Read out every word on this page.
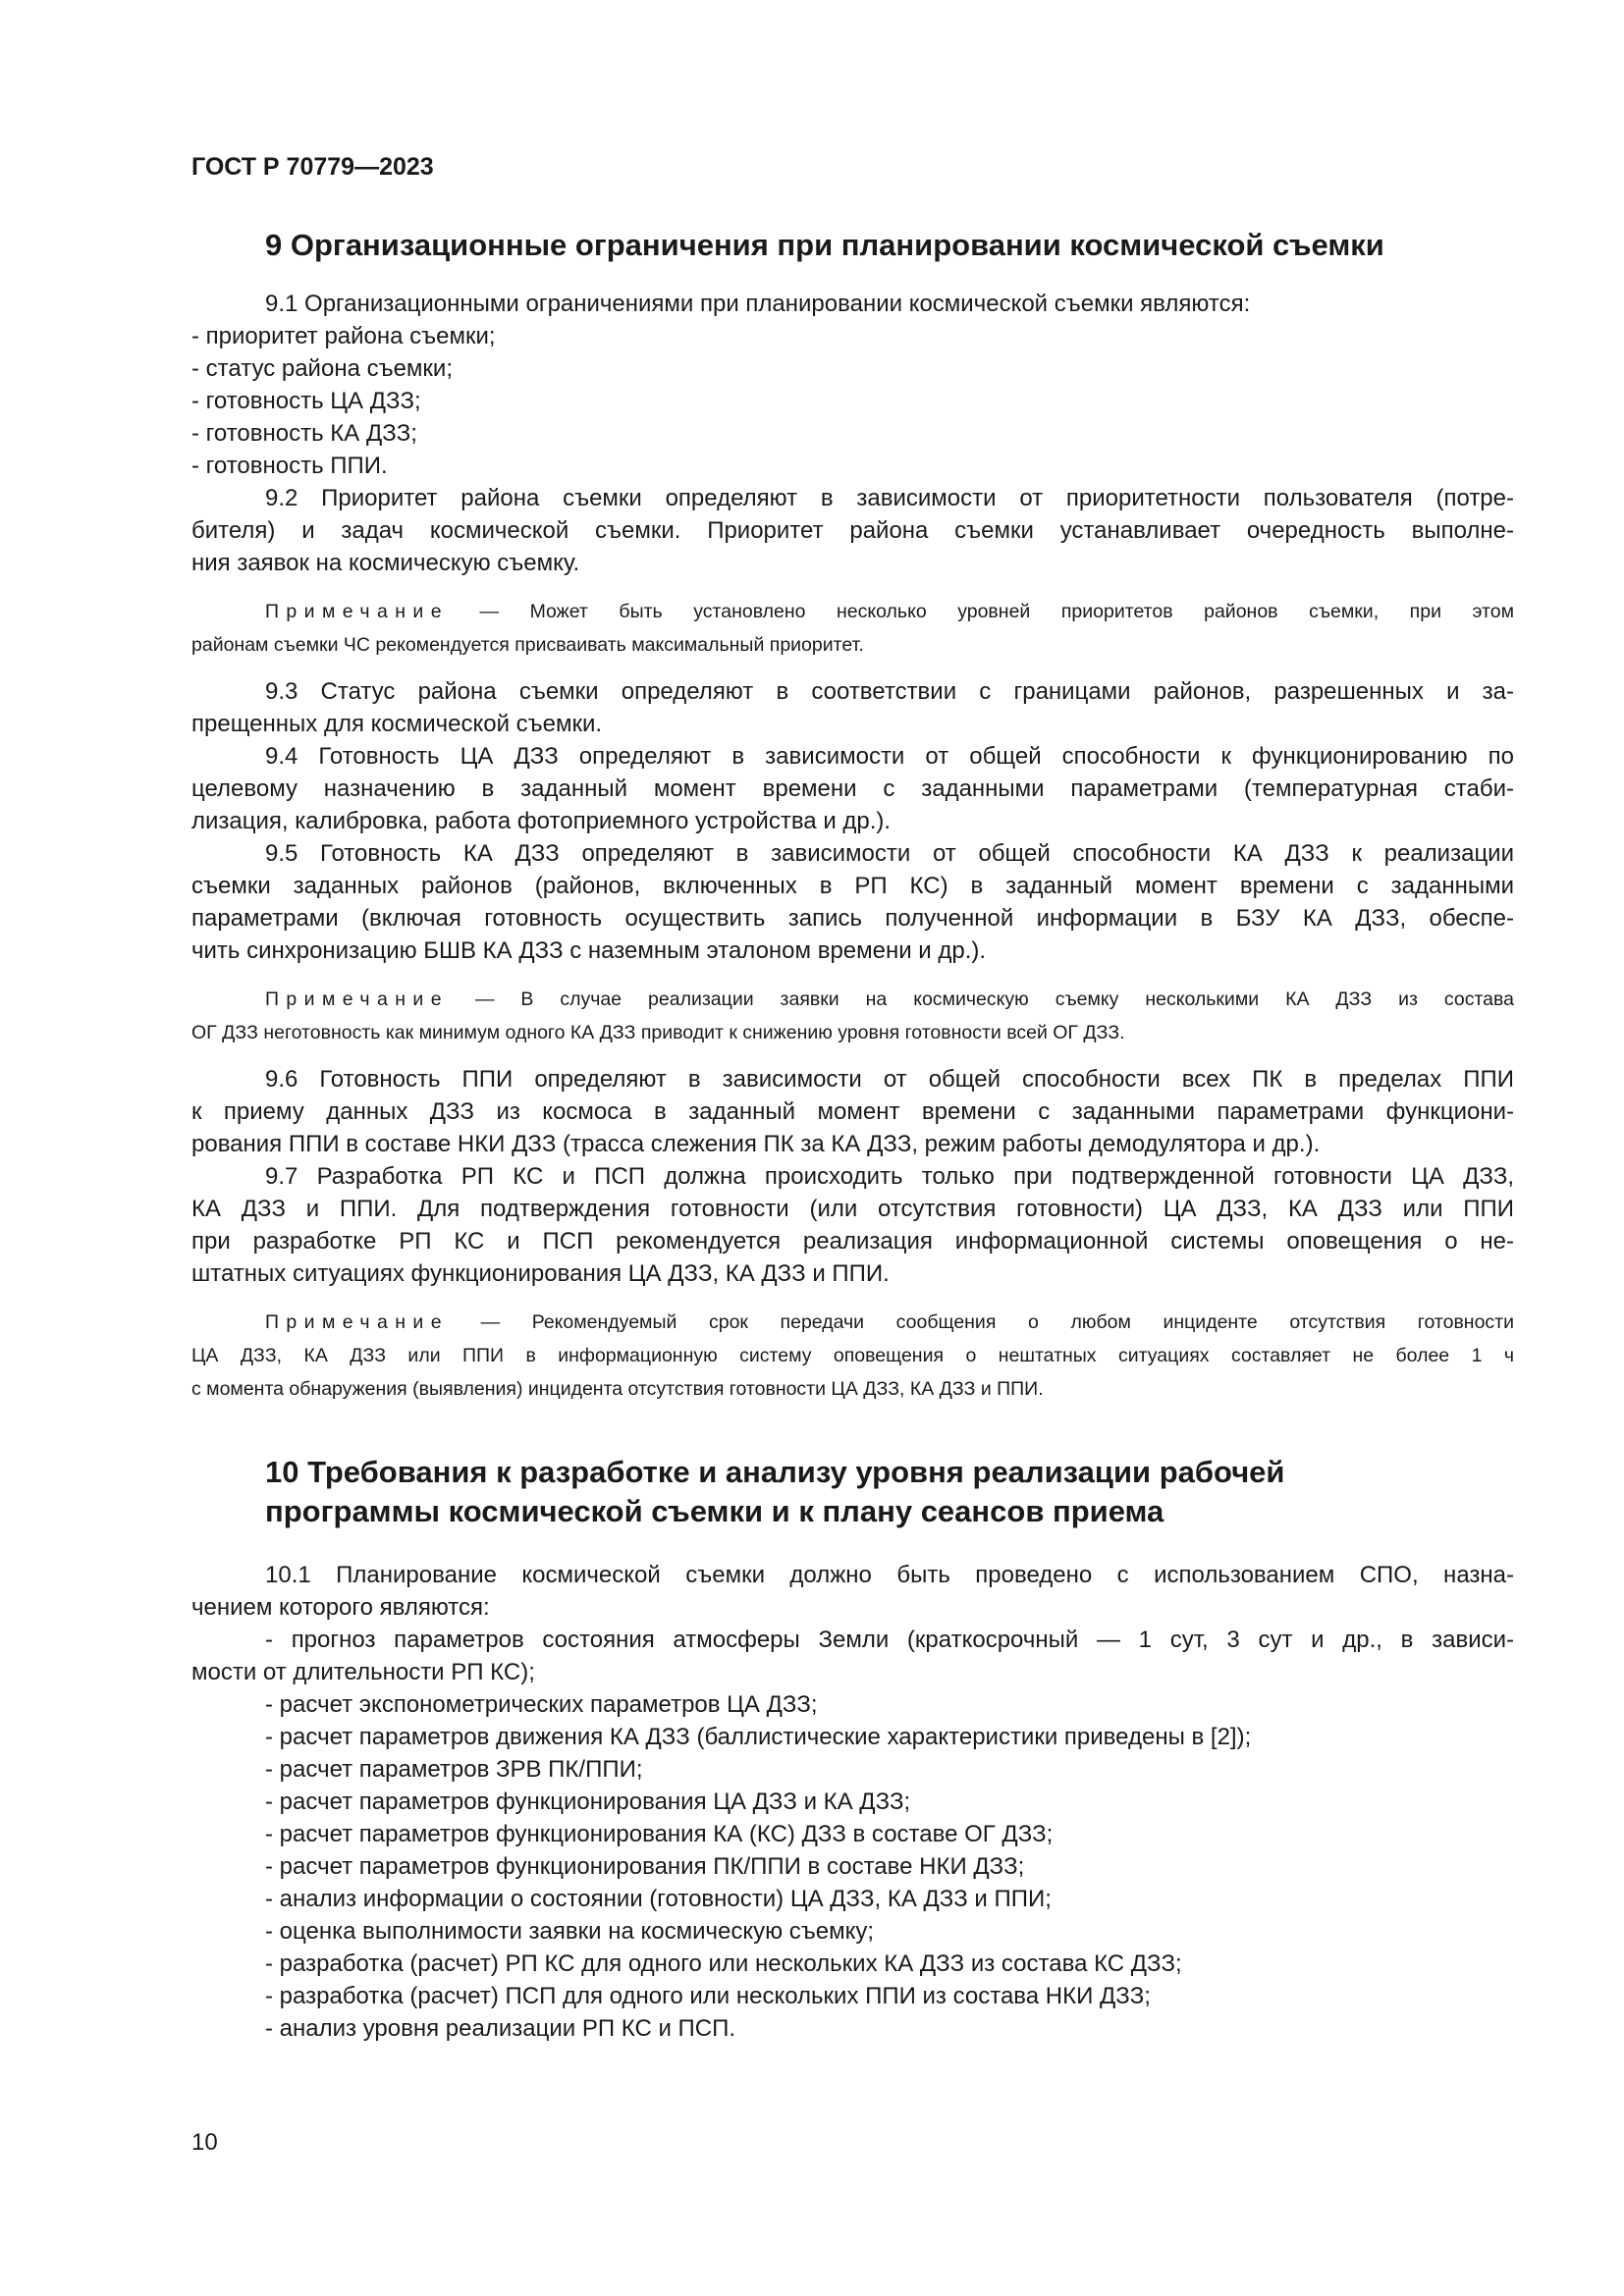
ГОСТ Р 70779—2023
9 Организационные ограничения при планировании космической съемки
9.1 Организационными ограничениями при планировании космической съемки являются:
- приоритет района съемки;
- статус района съемки;
- готовность ЦА ДЗЗ;
- готовность КА ДЗЗ;
- готовность ППИ.
9.2 Приоритет района съемки определяют в зависимости от приоритетности пользователя (потре-
бителя) и задач космической съемки. Приоритет района съемки устанавливает очередность выполне-
ния заявок на космическую съемку.
Примечание — Может быть установлено несколько уровней приоритетов районов съемки, при этом
районам съемки ЧС рекомендуется присваивать максимальный приоритет.
9.3 Статус района съемки определяют в соответствии с границами районов, разрешенных и за-
прещенных для космической съемки.
9.4 Готовность ЦА ДЗЗ определяют в зависимости от общей способности к функционированию по
целевому назначению в заданный момент времени с заданными параметрами (температурная стаби-
лизация, калибровка, работа фотоприемного устройства и др.).
9.5 Готовность КА ДЗЗ определяют в зависимости от общей способности КА ДЗЗ к реализации
съемки заданных районов (районов, включенных в РП КС) в заданный момент времени с заданными
параметрами (включая готовность осуществить запись полученной информации в БЗУ КА ДЗЗ, обеспе-
чить синхронизацию БШВ КА ДЗЗ с наземным эталоном времени и др.).
Примечание — В случае реализации заявки на космическую съемку несколькими КА ДЗЗ из состава
ОГ ДЗЗ неготовность как минимум одного КА ДЗЗ приводит к снижению уровня готовности всей ОГ ДЗЗ.
9.6 Готовность ППИ определяют в зависимости от общей способности всех ПК в пределах ППИ
к приему данных ДЗЗ из космоса в заданный момент времени с заданными параметрами функциони-
рования ППИ в составе НКИ ДЗЗ (трасса слежения ПК за КА ДЗЗ, режим работы демодулятора и др.).
9.7 Разработка РП КС и ПСП должна происходить только при подтвержденной готовности ЦА ДЗЗ,
КА ДЗЗ и ППИ. Для подтверждения готовности (или отсутствия готовности) ЦА ДЗЗ, КА ДЗЗ или ППИ
при разработке РП КС и ПСП рекомендуется реализация информационной системы оповещения о не-
штатных ситуациях функционирования ЦА ДЗЗ, КА ДЗЗ и ППИ.
Примечание — Рекомендуемый срок передачи сообщения о любом инциденте отсутствия готовности
ЦА ДЗЗ, КА ДЗЗ или ППИ в информационную систему оповещения о нештатных ситуациях составляет не более 1 ч
с момента обнаружения (выявления) инцидента отсутствия готовности ЦА ДЗЗ, КА ДЗЗ и ППИ.
10 Требования к разработке и анализу уровня реализации рабочей
программы космической съемки и к плану сеансов приема
10.1 Планирование космической съемки должно быть проведено с использованием СПО, назна-
чением которого являются:
- прогноз параметров состояния атмосферы Земли (краткосрочный — 1 сут, 3 сут и др., в зависи-
мости от длительности РП КС);
- расчет экспонометрических параметров ЦА ДЗЗ;
- расчет параметров движения КА ДЗЗ (баллистические характеристики приведены в [2]);
- расчет параметров ЗРВ ПК/ППИ;
- расчет параметров функционирования ЦА ДЗЗ и КА ДЗЗ;
- расчет параметров функционирования КА (КС) ДЗЗ в составе ОГ ДЗЗ;
- расчет параметров функционирования ПК/ППИ в составе НКИ ДЗЗ;
- анализ информации о состоянии (готовности) ЦА ДЗЗ, КА ДЗЗ и ППИ;
- оценка выполнимости заявки на космическую съемку;
- разработка (расчет) РП КС для одного или нескольких КА ДЗЗ из состава КС ДЗЗ;
- разработка (расчет) ПСП для одного или нескольких ППИ из состава НКИ ДЗЗ;
- анализ уровня реализации РП КС и ПСП.
10
